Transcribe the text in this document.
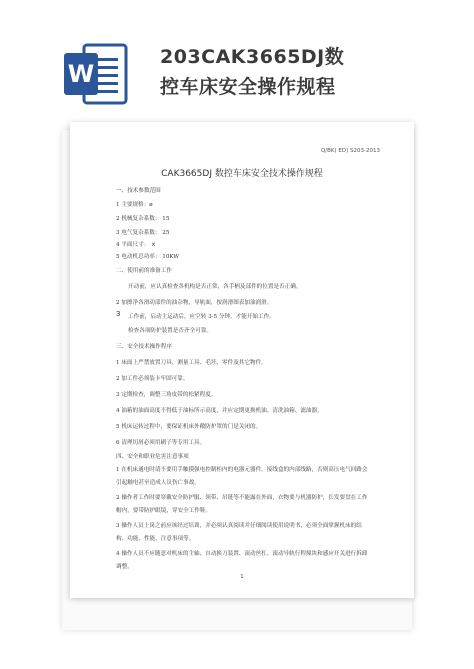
W
203CAK3665DJ数
控车床安全操作规程
Q/BK( ED) S203-2013
CAK3665DJ 数控车床安全技术操作规程
一、技术参数范围
1 主要规格：ø
2 机械复杂系数： 15
3 电气复杂系数： 25
4 平面尺寸： ×
5 电动机总功率： 10KW
二、使用前的准备工作
开动前，应认真检查各机构是否正常，各手柄及部件的位置是否正确。
2 加擦净各滑动部件的油杂物，导轨面，按润滑图表加油润滑。
3 工作前，启动主运动后，应空转 3-5 分钟，才能开始工作。
检查各项防护装置是否齐全可靠。
三、安全技术操作程序
1 床面上严禁放置刀具、测量工具、毛坯、零件及其它物件。
2 加工件必须装卡牢固可靠。
3 定期检查，调整三角皮带的松紧程度。
4 油箱的油面高度不得低于油标所示高度，并应定期更换机油、清洗油箱、滤油器。
5 机床运转过程中，要保证机床外敞防护罩的门是关闭的。
6 清理切屑必须用刷子等专用工具。
四、安全和职业危害注意事项
1 在机床通电时请不要用手触摸强电控制柜内的电器元器件，接线盒的内部线路，否则高压电气回路会引起触电甚至造成人员伤亡事故。
2 操作者工作时要穿戴安全防护服、领带、吊链等不能露在外面，衣物要与机器防护，长发要盘在工作帽内，要带防护眼镜，穿安全工作鞋。
3 操作人员上岗之前应该经过培训，并必须认真阅读并仔细阅读使用说明书，必须全面掌握机床的结构、功能、性能、注意事项等。
4 操作人员不应随意对机床的主轴、自动换刀装置、滚动丝杠、滚动导轨行程撞块和感应开关进行拆卸调整。
1
